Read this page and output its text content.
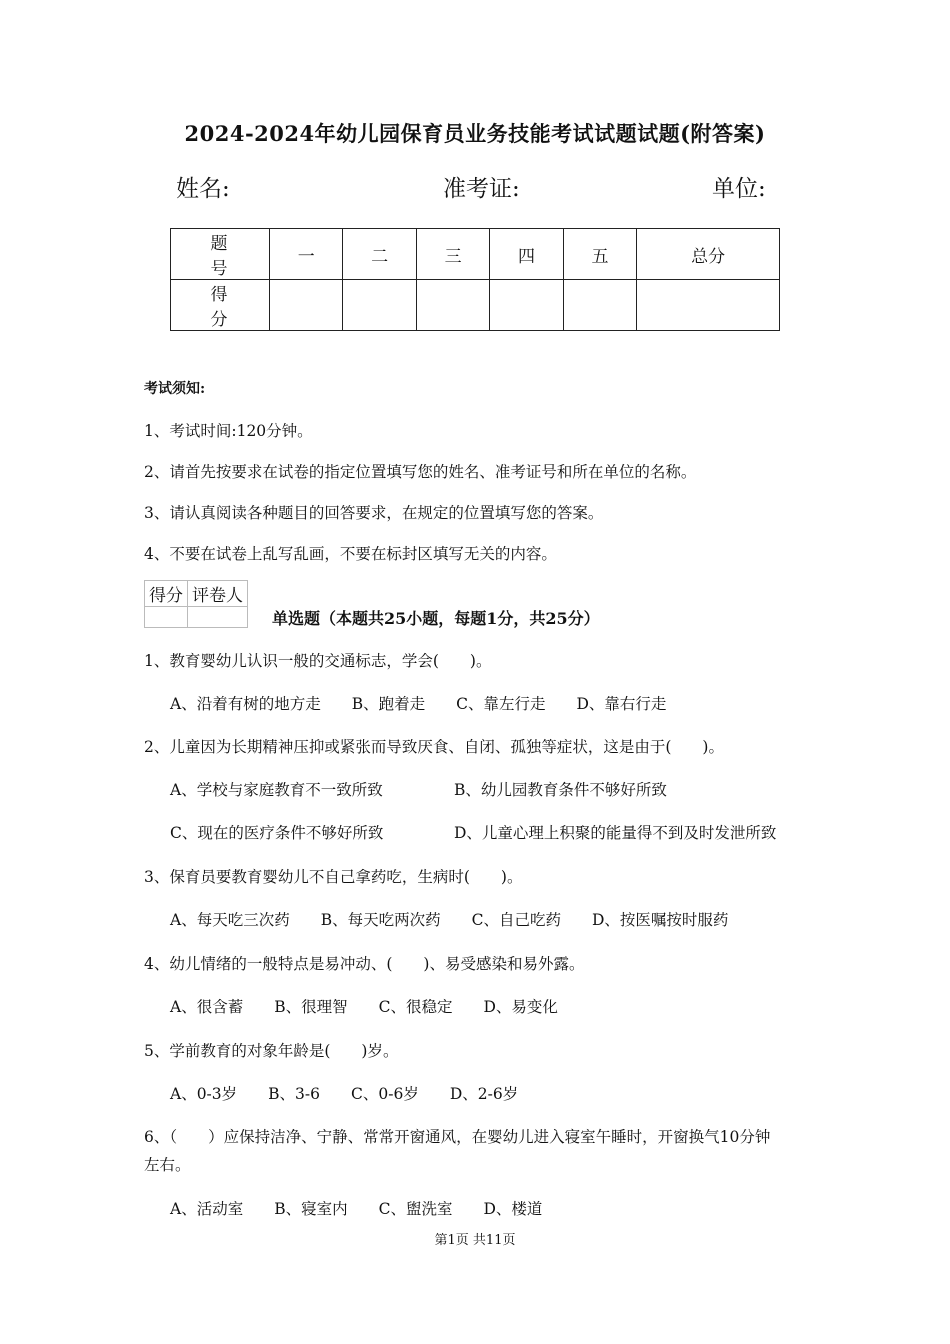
2024-2024年幼儿园保育员业务技能考试试题试题(附答案)
姓名:	准考证:	单位:
题　号	一	二	三	四	五	总分
得　分						
考试须知:
1、考试时间:120分钟。
2、请首先按要求在试卷的指定位置填写您的姓名、准考证号和所在单位的名称。
3、请认真阅读各种题目的回答要求，在规定的位置填写您的答案。
4、不要在试卷上乱写乱画，不要在标封区填写无关的内容。
得分	评卷人

单选题（本题共25小题，每题1分，共25分）
1、教育婴幼儿认识一般的交通标志，学会(　　)。
A、沿着有树的地方走　　B、跑着走　　C、靠左行走　　D、靠右行走
2、儿童因为长期精神压抑或紧张而导致厌食、自闭、孤独等症状，这是由于(　　)。
A、学校与家庭教育不一致所致	B、幼儿园教育条件不够好所致
C、现在的医疗条件不够好所致	D、儿童心理上积聚的能量得不到及时发泄所致
3、保育员要教育婴幼儿不自己拿药吃，生病时(　　)。
A、每天吃三次药　　B、每天吃两次药　　C、自己吃药　　D、按医嘱按时服药
4、幼儿情绪的一般特点是易冲动、(　　)、易受感染和易外露。
A、很含蓄　　B、很理智　　C、很稳定　　D、易变化
5、学前教育的对象年龄是(　　)岁。
A、0-3岁　　B、3-6　　C、0-6岁　　D、2-6岁
6、（　　）应保持洁净、宁静、常常开窗通风，在婴幼儿进入寝室午睡时，开窗换气10分钟
左右。
A、活动室　　B、寝室内　　C、盥洗室　　D、楼道
第1页 共11页
